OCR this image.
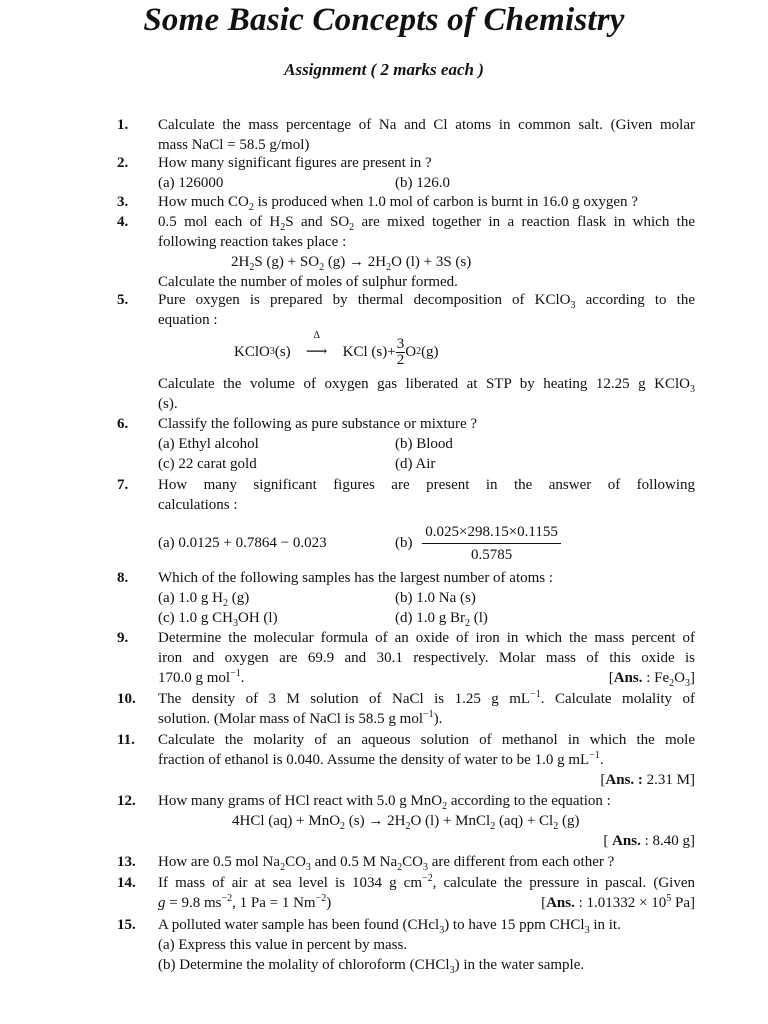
Some Basic Concepts of Chemistry
Assignment ( 2 marks each )
1.	Calculate the mass percentage of Na and Cl atoms in common salt. (Given molar
mass NaCl = 58.5 g/mol)
2.	How many significant figures are present in ?
(a) 126000	(b) 126.0
3.	How much $CO_2$ is produced when 1.0 mol of carbon is burnt in 16.0 g oxygen ?
4.	0.5 mol each of $H_2S$ and $SO_2$ are mixed together in a reaction flask in which the
following reaction takes place :
$2H_2S$ $(g) + SO_2$ $(g) \to 2H_2O$ (l) + 3S (s)
Calculate the number of moles of sulphur formed.
5.	Pure oxygen is prepared by thermal decomposition of KClO$_3$ according to the
equation :
KClO 3 (s)
Δ
⟶	KCl $(s)+ \frac{3}{2}$ O 2 (g)
Calculate the volume of oxygen gas liberated at STP by heating 12.25 g KClO$_3$
(s).
6.	Classify the following as pure substance or mixture ?
(a) Ethyl alcohol	(b) Blood
(c) 22 carat gold	(d) Air
7.	How many significant figures are present in the answer of following
calculations :
(a) 0.0125 + 0.7864 − 0.023	$(b) \frac{0.025\times 298.15\times 0.1155}{0.5785}$
8.	Which of the following samples has the largest number of atoms :
(a) 1.0 g $H_2$ (g)	(b) 1.0 Na (s)
(c) 1.0 g $CH_3OH$ (l)	(d) 1.0 g $Br_2$ (l)
9.	Determine the molecular formula of an oxide of iron in which the mass percent of
iron and oxygen are 69.9 and 30.1 respectively. Molar mass of this oxide is
170.0 g mol$^{-1}$.	[Ans. : $Fe_2O_3$]
10.	The density of 3 M solution of NaCl is 1.25 g $mL^{-1}$. Calculate molality of
solution. (Molar mass of NaCl is 58.5 g mol$^{-1}$).
11.	Calculate the molarity of an aqueous solution of methanol in which the mole
fraction of ethanol is 0.040. Assume the density of water to be 1.0 g $mL^{-1}$.
[Ans. : 2.31 M]
12.	How many grams of HCl react with 5.0 g MnO$_2$ according to the equation :
4HCl (aq) + MnO$_2$ $(s) \to 2H_2O$ (l) + MnCl$_2$ $(aq) + Cl_2$ (g)
[ Ans. : 8.40 g]
13.	How are 0.5 mol $Na_2CO_3$ and 0.5 M $Na_2CO_3$ are different from each other ?
14.	If mass of air at sea level is 1034 g $cm^{-2}$, calculate the pressure in pascal. (Given
g = 9.8 $ms^{-2}$, 1 Pa = 1 $Nm^{-2}$)	[Ans. : $1.01332 \times 10^5$ Pa]
15.	A polluted water sample has been found (CHcl$_3$) to have 15 ppm CHCl$_3$ in it.
(a) Express this value in percent by mass.
(b) Determine the molality of chloroform (CHCl$_3$) in the water sample.
